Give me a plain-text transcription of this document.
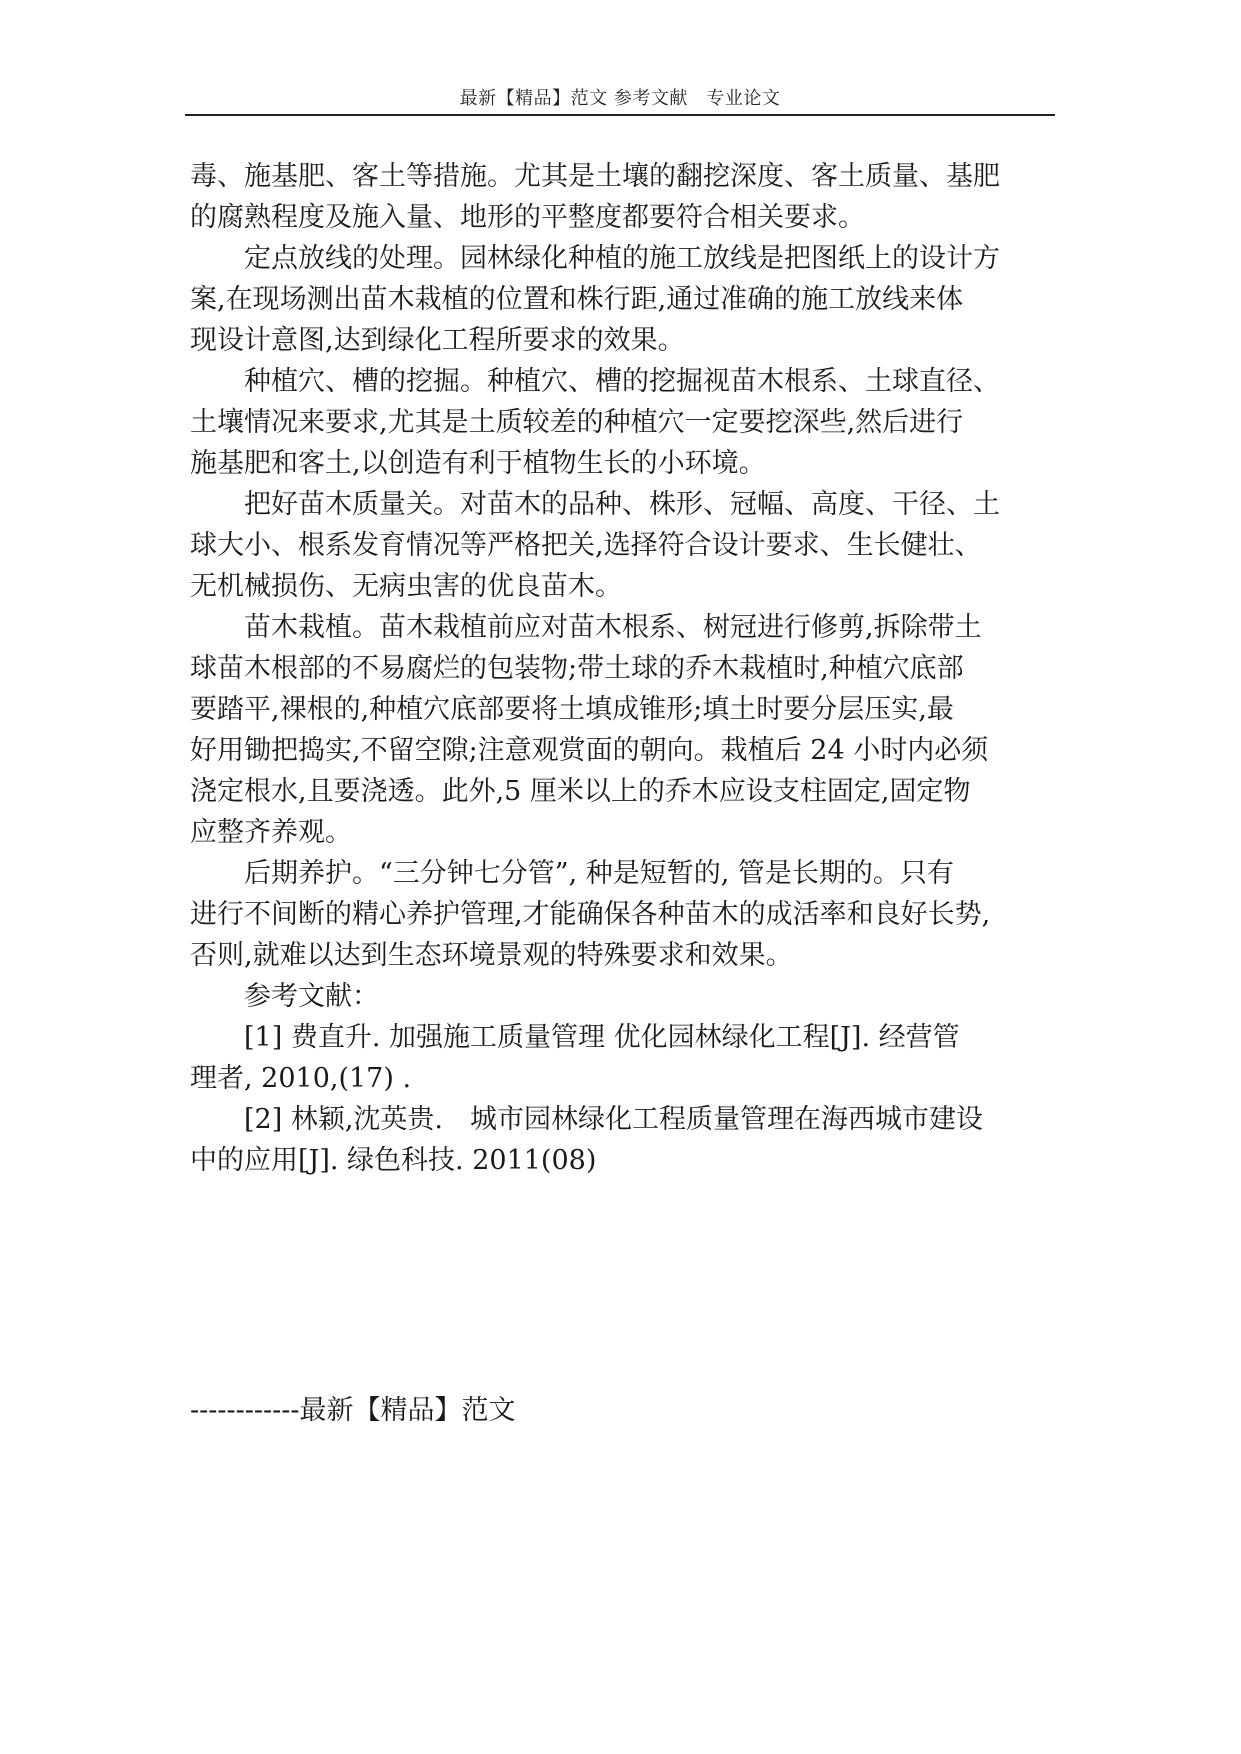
最新【精品】范文 参考文献　专业论文
毒、施基肥、客土等措施。尤其是土壤的翻挖深度、客土质量、基肥
的腐熟程度及施入量、地形的平整度都要符合相关要求。
　　定点放线的处理。园林绿化种植的施工放线是把图纸上的设计方
案,在现场测出苗木栽植的位置和株行距,通过准确的施工放线来体
现设计意图,达到绿化工程所要求的效果。
　　种植穴、槽的挖掘。种植穴、槽的挖掘视苗木根系、土球直径、
土壤情况来要求,尤其是土质较差的种植穴一定要挖深些,然后进行
施基肥和客土,以创造有利于植物生长的小环境。
　　把好苗木质量关。对苗木的品种、株形、冠幅、高度、干径、土
球大小、根系发育情况等严格把关,选择符合设计要求、生长健壮、
无机械损伤、无病虫害的优良苗木。
　　苗木栽植。苗木栽植前应对苗木根系、树冠进行修剪,拆除带土
球苗木根部的不易腐烂的包装物;带土球的乔木栽植时,种植穴底部
要踏平,裸根的,种植穴底部要将土填成锥形;填土时要分层压实,最
好用锄把捣实,不留空隙;注意观赏面的朝向。栽植后 24 小时内必须
浇定根水,且要浇透。此外,5 厘米以上的乔木应设支柱固定,固定物
应整齐养观。
　　后期养护。“三分钟七分管”, 种是短暂的, 管是长期的。只有
进行不间断的精心养护管理,才能确保各种苗木的成活率和良好长势,
否则,就难以达到生态环境景观的特殊要求和效果。
　　参考文献：
　　[1] 费直升. 加强施工质量管理 优化园林绿化工程[J]. 经营管
理者, 2010,(17) .
　　[2] 林颖,沈英贵.　城市园林绿化工程质量管理在海西城市建设
中的应用[J]. 绿色科技. 2011(08)
------------最新【精品】范文
